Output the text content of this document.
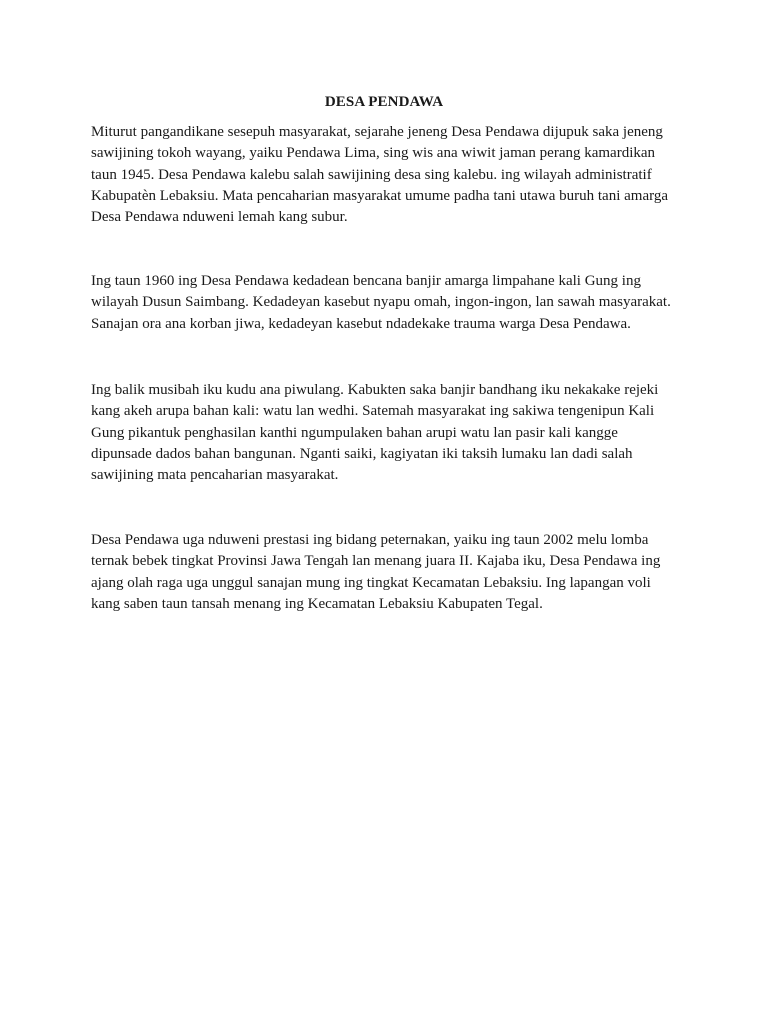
DESA PENDAWA
Miturut pangandikane sesepuh masyarakat, sejarahe jeneng Desa Pendawa dijupuk saka jeneng
sawijining tokoh wayang, yaiku Pendawa Lima, sing wis ana wiwit jaman perang kamardikan
taun 1945. Desa Pendawa kalebu salah sawijining desa sing kalebu. ing wilayah administratif
Kabupatèn Lebaksiu. Mata pencaharian masyarakat umume padha tani utawa buruh tani amarga
Desa Pendawa nduweni lemah kang subur.
Ing taun 1960 ing Desa Pendawa kedadean bencana banjir amarga limpahane kali Gung ing
wilayah Dusun Saimbang. Kedadeyan kasebut nyapu omah, ingon-ingon, lan sawah masyarakat.
Sanajan ora ana korban jiwa, kedadeyan kasebut ndadekake trauma warga Desa Pendawa.
Ing balik musibah iku kudu ana piwulang. Kabukten saka banjir bandhang iku nekakake rejeki
kang akeh arupa bahan kali: watu lan wedhi. Satemah masyarakat ing sakiwa tengenipun Kali
Gung pikantuk penghasilan kanthi ngumpulaken bahan arupi watu lan pasir kali kangge
dipunsade dados bahan bangunan. Nganti saiki, kagiyatan iki taksih lumaku lan dadi salah
sawijining mata pencaharian masyarakat.
Desa Pendawa uga nduweni prestasi ing bidang peternakan, yaiku ing taun 2002 melu lomba
ternak bebek tingkat Provinsi Jawa Tengah lan menang juara II. Kajaba iku, Desa Pendawa ing
ajang olah raga uga unggul sanajan mung ing tingkat Kecamatan Lebaksiu. Ing lapangan voli
kang saben taun tansah menang ing Kecamatan Lebaksiu Kabupaten Tegal.
